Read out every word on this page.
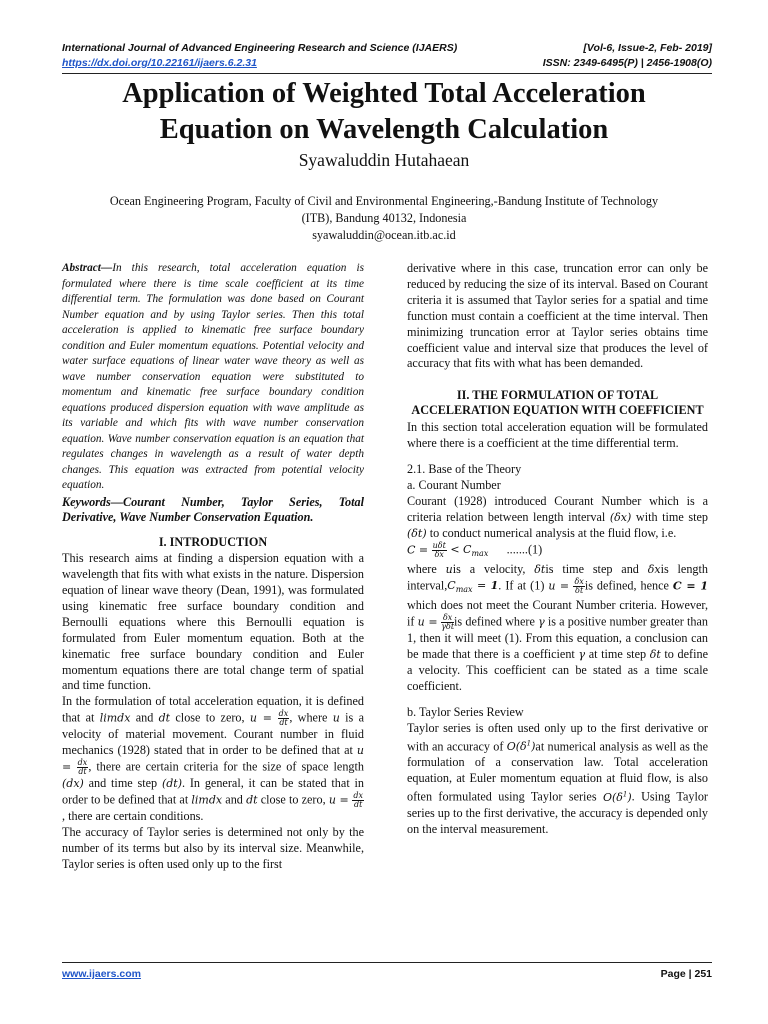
International Journal of Advanced Engineering Research and Science (IJAERS)	[Vol-6, Issue-2, Feb- 2019]
https://dx.doi.org/10.22161/ijaers.6.2.31	ISSN: 2349-6495(P) | 2456-1908(O)
Application of Weighted Total Acceleration
Equation on Wavelength Calculation
Syawaluddin Hutahaean
Ocean Engineering Program, Faculty of Civil and Environmental Engineering,-Bandung Institute of Technology
(ITB), Bandung 40132, Indonesia
syawaluddin@ocean.itb.ac.id

Abstract—In this research, total acceleration equation is formulated where there is time scale coefficient at its time differential term. The formulation was done based on Courant Number equation and by using Taylor series. Then this total acceleration is applied to kinematic free surface boundary condition and Euler momentum equations. Potential velocity and water surface equations of linear water wave theory as well as wave number conservation equation were substituted to momentum and kinematic free surface boundary condition equations produced dispersion equation with wave amplitude as its variable and which fits with wave number conservation equation. Wave number conservation equation is an equation that regulates changes in wavelength as a result of water depth changes. This equation was extracted from potential velocity equation.

Keywords—Courant Number, Taylor Series, Total Derivative, Wave Number Conservation Equation.

I. INTRODUCTION

This research aims at finding a dispersion equation with a wavelength that fits with what exists in the nature. Dispersion equation of linear wave theory (Dean, 1991), was formulated using kinematic free surface boundary condition and Bernoulli equations where this Bernoulli equation is formulated from Euler momentum equation. Both at the kinematic free surface boundary condition and Euler momentum equations there are total change term of spatial and time function.

In the formulation of total acceleration equation, it is defined that at limdx and dt close to zero, $u = \frac{dx}{dt}$ , where u is a velocity of material movement. Courant number in fluid mechanics (1928) stated that in order to be defined that at $u = \frac{dx}{dt}$ , there are certain criteria for the size of space length (dx) and time step (dt). In general, it can be stated that in order to be defined that at limdx and dt close to zero, $u = \frac{dx}{dt}$
, there are certain conditions.

The accuracy of Taylor series is determined not only by the number of its terms but also by its interval size. Meanwhile, Taylor series is often used only up to the first

derivative where in this case, truncation error can only be reduced by reducing the size of its interval. Based on Courant criteria it is assumed that Taylor series for a spatial and time function must contain a coefficient at the time interval. Then minimizing truncation error at Taylor series obtains time coefficient value and interval size that produces the level of accuracy that fits with what has been demanded.

II. THE FORMULATION OF TOTAL ACCELERATION EQUATION WITH COEFFICIENT

In this section total acceleration equation will be formulated where there is a coefficient at the time differential term.

2.1. Base of the Theory

a. Courant Number

Courant (1928) introduced Courant Number which is a criteria relation between length interval (δx) with time step (δt) to conduct numerical analysis at the fluid flow, i.e.

$C = \frac{\text{uδt}}{\delta x} < C_{max}$ .......(1)

where uis a velocity, δtis time step and δxis length $interval,C_{max} = 1$. If at (1) $u = \frac{\delta x}{\delta t}$ is defined, hence C = 1 which does not meet the Courant Number criteria. However, if $u = \frac{\delta x}{\text{γδt}}$ is defined where γ is a positive number greater than 1, then it will meet (1). From this equation, a conclusion can be made that there is a coefficient γ at time step δt to define a velocity. This coefficient can be stated as a time scale coefficient.

b. Taylor Series Review

Taylor series is often used only up to the first derivative or with an accuracy of $O(\delta^1)at$ numerical analysis as well as the formulation of a conservation law. Total acceleration equation, at Euler momentum equation at fluid flow, is also often formulated using Taylor series $O(\delta^1)$. Using Taylor series up to the first derivative, the accuracy is depended only on the interval measurement.

www.ijaers.com	Page | 251
